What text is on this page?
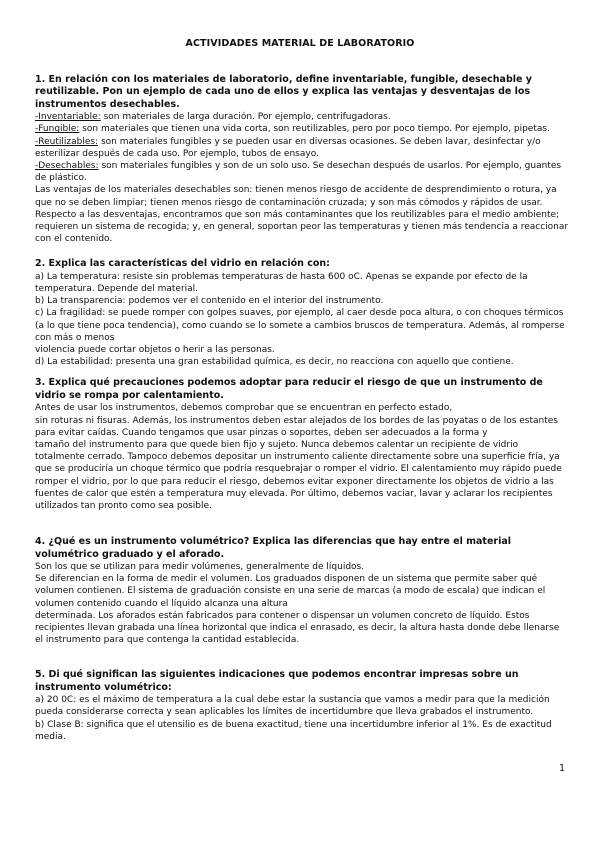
ACTIVIDADES MATERIAL DE LABORATORIO

1. En relación con los materiales de laboratorio, define inventariable, fungible, desechable y reutilizable. Pon un ejemplo de cada uno de ellos y explica las ventajas y desventajas de los instrumentos desechables.

-Inventariable: son materiales de larga duración. Por ejemplo, centrifugadoras.

-Fungible: son materiales que tienen una vida corta, son reutilizables, pero por poco tiempo. Por ejemplo, pipetas.

-Reutilizables: son materiales fungibles y se pueden usar en diversas ocasiones. Se deben lavar, desinfectar y/o esterilizar después de cada uso. Por ejemplo, tubos de ensayo.

-Desechables: son materiales fungibles y son de un solo uso. Se desechan después de usarlos. Por ejemplo, guantes de plástico.

Las ventajas de los materiales desechables son: tienen menos riesgo de accidente de desprendimiento o rotura, ya que no se deben limpiar; tienen menos riesgo de contaminación cruzada; y son más cómodos y rápidos de usar. Respecto a las desventajas, encontramos que son más contaminantes que los reutilizables para el medio ambiente; requieren un sistema de recogida; y, en general, soportan peor las temperaturas y tienen más tendencia a reaccionar con el contenido.

2. Explica las características del vidrio en relación con:

a) La temperatura: resiste sin problemas temperaturas de hasta 600 oC. Apenas se expande por efecto de la temperatura. Depende del material.

b) La transparencia: podemos ver el contenido en el interior del instrumento.

c) La fragilidad: se puede romper con golpes suaves, por ejemplo, al caer desde poca altura, o con choques térmicos (a lo que tiene poca tendencia), como cuando se lo somete a cambios bruscos de temperatura. Además, al romperse con más o menos

violencia puede cortar objetos o herir a las personas.

d) La estabilidad: presenta una gran estabilidad química, es decir, no reacciona con aquello que contiene.

3. Explica qué precauciones podemos adoptar para reducir el riesgo de que un instrumento de vidrio se rompa por calentamiento.

Antes de usar los instrumentos, debemos comprobar que se encuentran en perfecto estado,

sin roturas ni fisuras. Además, los instrumentos deben estar alejados de los bordes de las poyatas o de los estantes para evitar caídas. Cuando tengamos que usar pinzas o soportes, deben ser adecuados a la forma y

tamaño del instrumento para que quede bien fijo y sujeto. Nunca debemos calentar un recipiente de vidrio totalmente cerrado. Tampoco debemos depositar un instrumento caliente directamente sobre una superficie fría, ya

que se produciría un choque térmico que podría resquebrajar o romper el vidrio. El calentamiento muy rápido puede romper el vidrio, por lo que para reducir el riesgo, debemos evitar exponer directamente los objetos de vidrio a las fuentes de calor que estén a temperatura muy elevada. Por último, debemos vaciar, lavar y aclarar los recipientes utilizados tan pronto como sea posible.

4. ¿Qué es un instrumento volumétrico? Explica las diferencias que hay entre el material volumétrico graduado y el aforado.

Son los que se utilizan para medir volúmenes, generalmente de líquidos.

Se diferencian en la forma de medir el volumen. Los graduados disponen de un sistema que permite saber qué volumen contienen. El sistema de graduación consiste en una serie de marcas (a modo de escala) que indican el volumen contenido cuando el líquido alcanza una altura

determinada. Los aforados están fabricados para contener o dispensar un volumen concreto de líquido. Estos recipientes llevan grabada una línea horizontal que indica el enrasado, es decir, la altura hasta donde debe llenarse el instrumento para que contenga la cantidad establecida.

5. Di qué significan las siguientes indicaciones que podemos encontrar impresas sobre un instrumento volumétrico:

a) 20 0C: es el máximo de temperatura a la cual debe estar la sustancia que vamos a medir para que la medición pueda considerarse correcta y sean aplicables los límites de incertidumbre que lleva grabados el instrumento.

b) Clase B: significa que el utensilio es de buena exactitud, tiene una incertidumbre inferior al 1%. Es de exactitud media.

1
